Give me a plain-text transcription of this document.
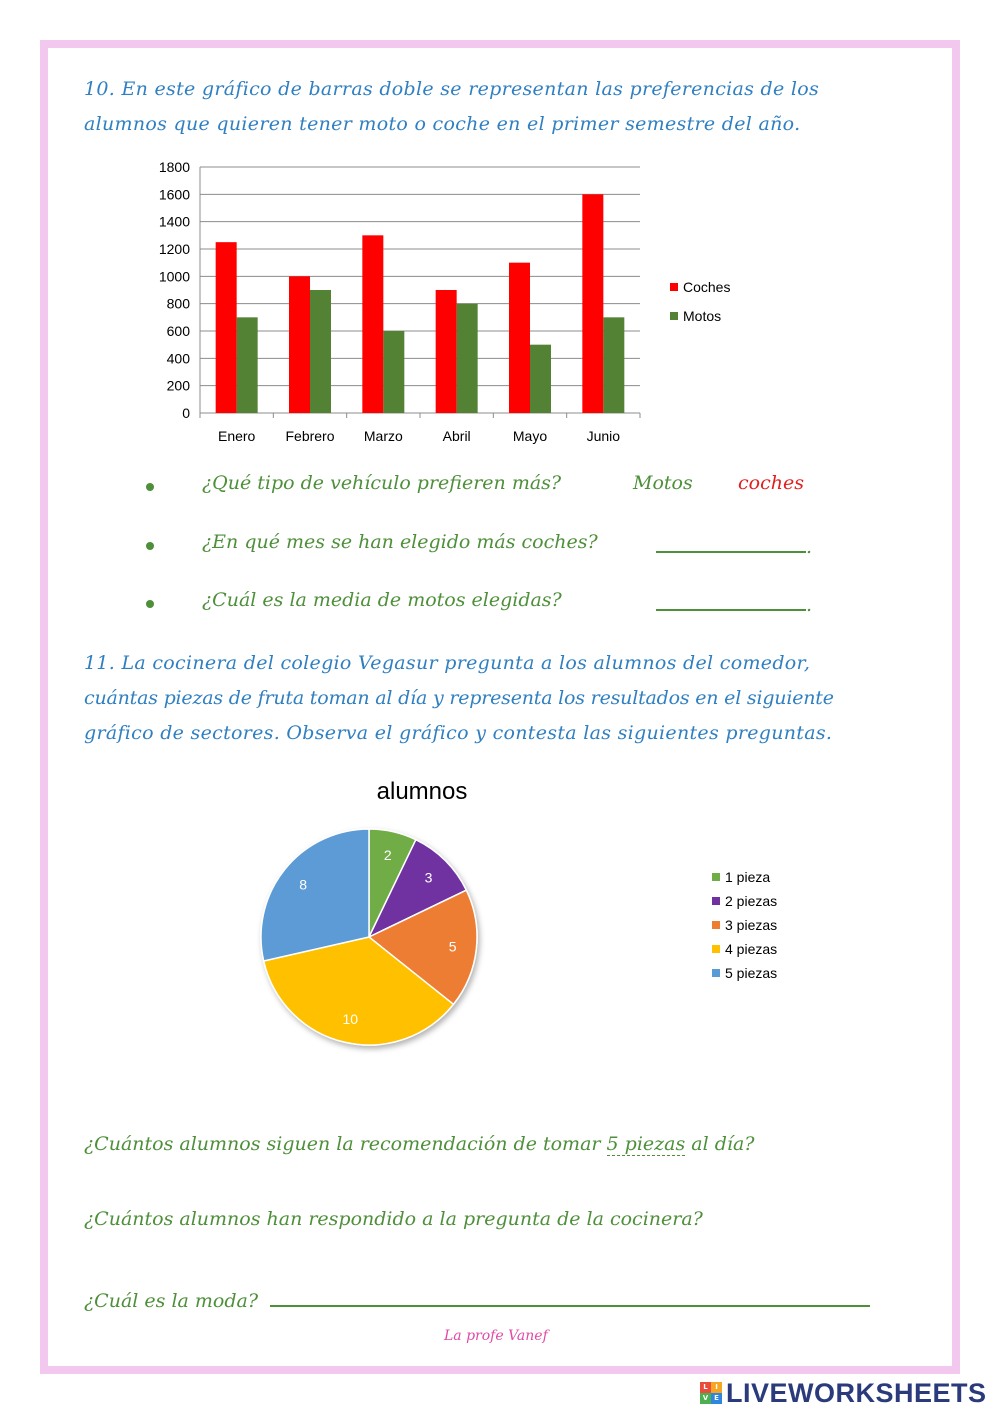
10. En este gráfico de barras doble se representan las preferencias de los
alumnos que quieren tener moto o coche en el primer semestre del año.
0
200
400
600
800
1000
1200
1400
1600
1800
Enero Febrero Marzo	Abril	Mayo	Junio
Coches
Motos
¿Qué tipo de vehículo prefieren más?	Motos coches
¿En qué mes se han elegido más coches?	.
¿Cuál es la media de motos elegidas?	.
11. La cocinera del colegio Vegasur pregunta a los alumnos del comedor,
cuántas piezas de fruta toman al día y representa los resultados en el siguiente
gráfico de sectores. Observa el gráfico y contesta las siguientes preguntas.
alumnos
2
3
5
10
8	1 pieza
2 piezas
3 piezas
4 piezas
5 piezas
¿Cuántos alumnos siguen la recomendación de tomar 5 piezas al día?
¿Cuántos alumnos han respondido a la pregunta de la cocinera?
¿Cuál es la moda?
La profe Vanef
L	I
V E LIVEWORKSHEETS
